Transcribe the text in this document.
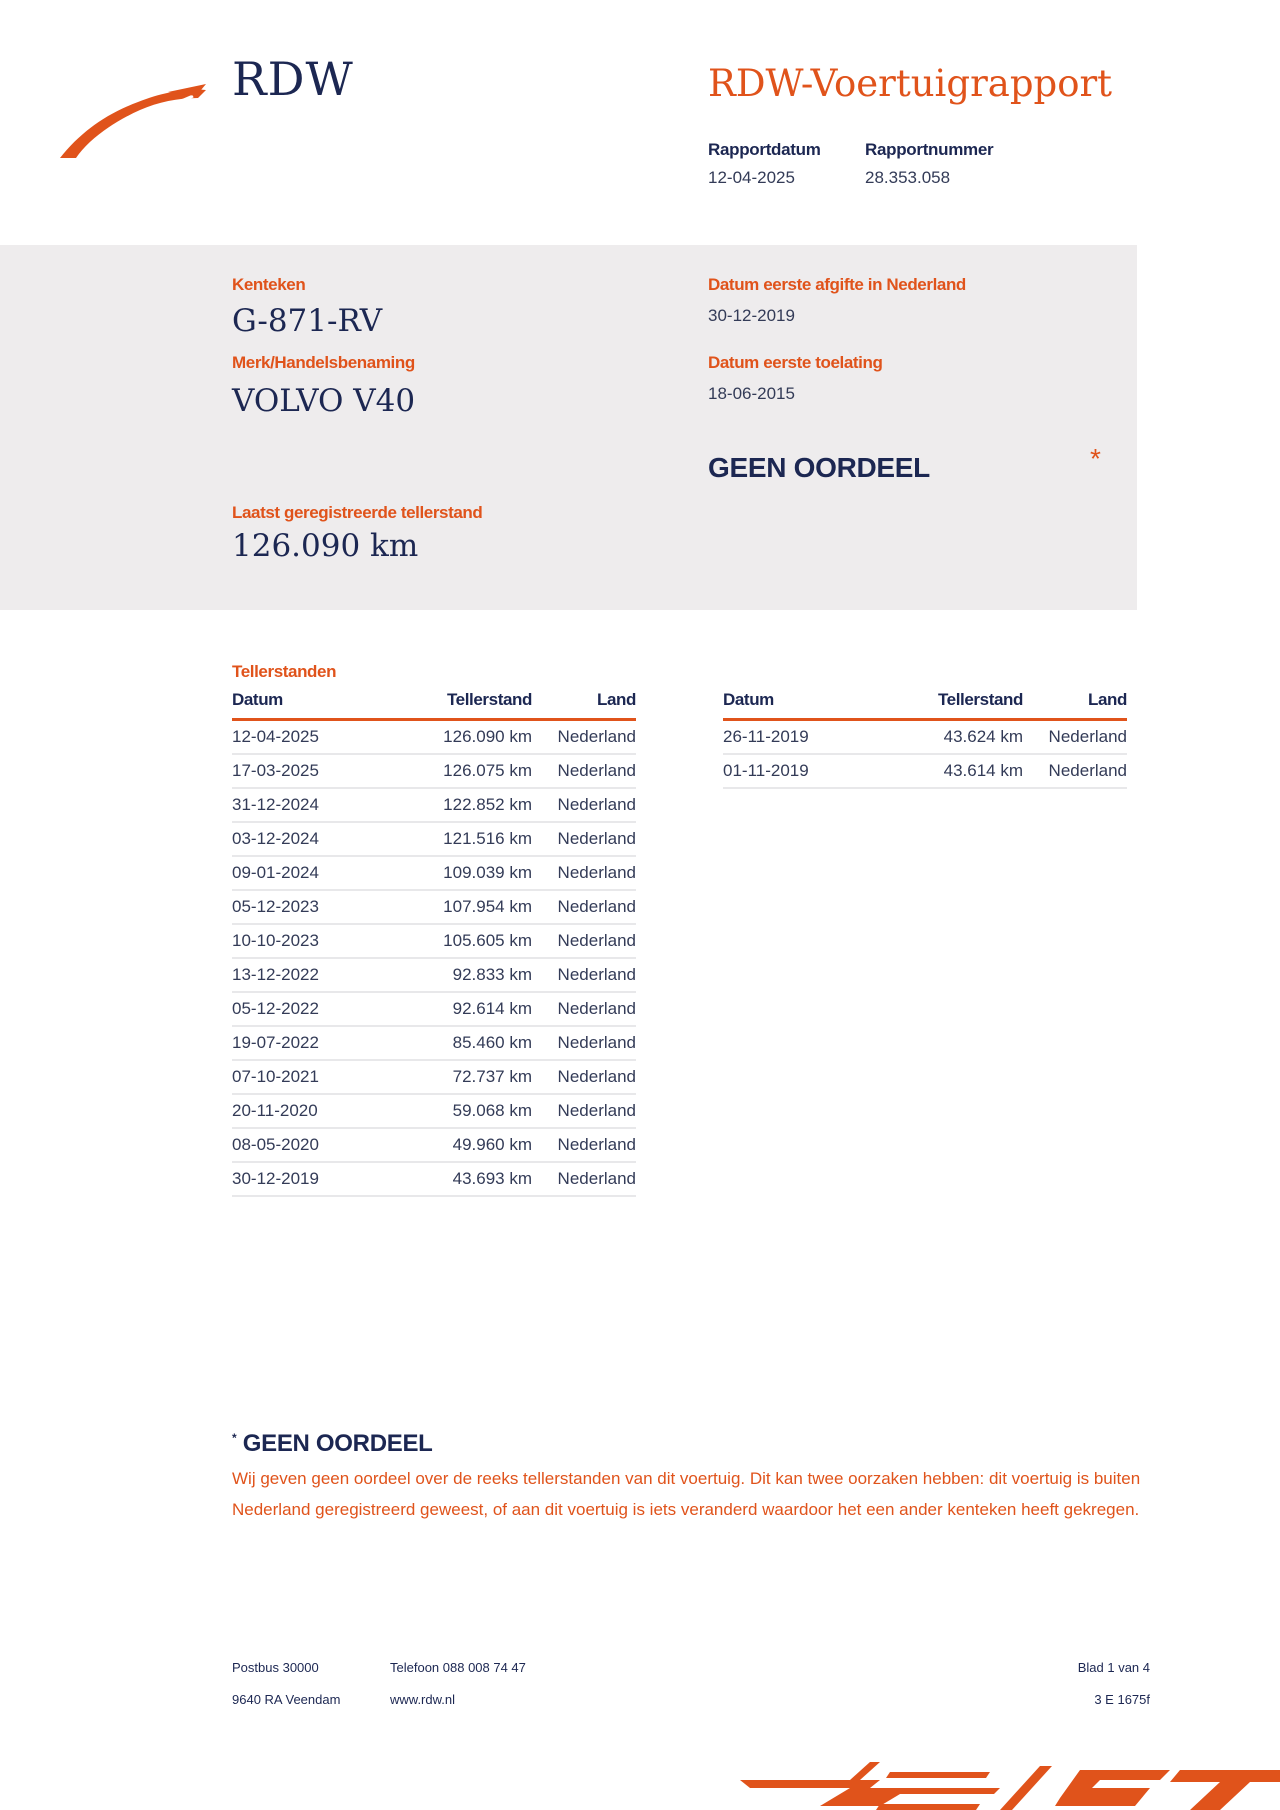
RDW	RDW-Voertuigrapport
Rapportdatum
12-04-2025
Rapportnummer
28.353.058
Kenteken
G-871-RV
Merk/Handelsbenaming
VOLVO V40
Laatst geregistreerde tellerstand
126.090 km
Datum eerste afgifte in Nederland
30-12-2019
Datum eerste toelating
18-06-2015
GEEN OORDEEL	*
Tellerstanden
Datum	Tellerstand	Land
12-04-2025	126.090 km	Nederland
17-03-2025	126.075 km	Nederland
31-12-2024	122.852 km	Nederland
03-12-2024	121.516 km	Nederland
09-01-2024	109.039 km	Nederland
05-12-2023	107.954 km	Nederland
10-10-2023	105.605 km	Nederland
13-12-2022	92.833 km	Nederland
05-12-2022	92.614 km	Nederland
19-07-2022	85.460 km	Nederland
07-10-2021	72.737 km	Nederland
20-11-2020	59.068 km	Nederland
08-05-2020	49.960 km	Nederland
30-12-2019	43.693 km	Nederland
Datum	Tellerstand	Land
26-11-2019	43.624 km	Nederland
01-11-2019	43.614 km	Nederland
* GEEN OORDEEL
Wij geven geen oordeel over de reeks tellerstanden van dit voertuig. Dit kan twee oorzaken hebben: dit voertuig is buiten Nederland geregistreerd geweest, of aan dit voertuig is iets veranderd waardoor het een ander kenteken heeft gekregen.
Postbus 30000
9640 RA Veendam
Telefoon 088 008 74 47
www.rdw.nl
Blad 1 van 4
3 E 1675f
